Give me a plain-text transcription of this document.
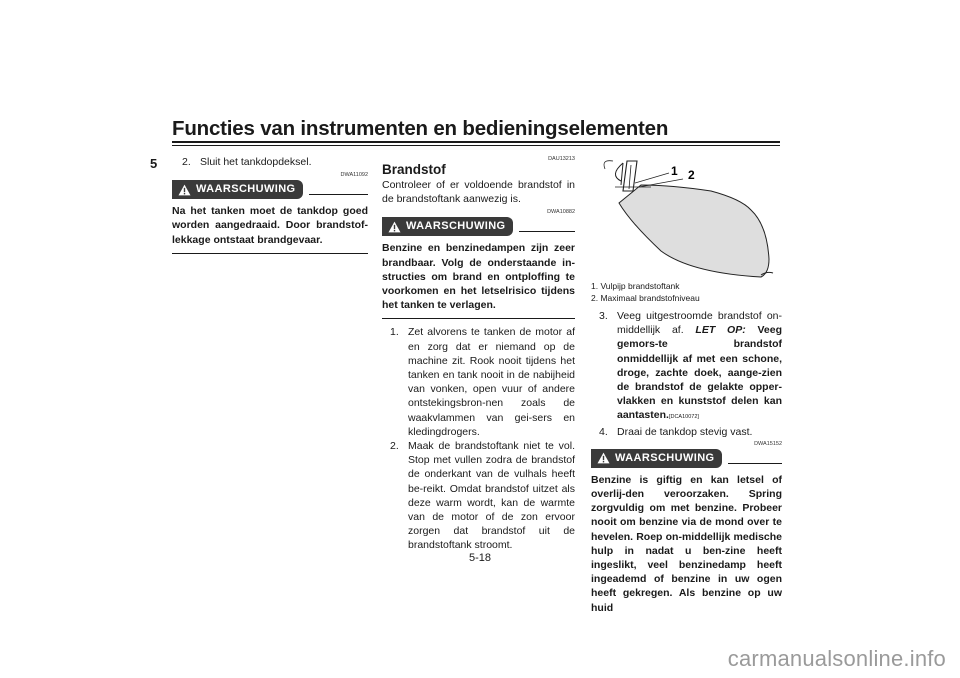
Functies van instrumenten en bedieningselementen
5 2. Sluit het tankdopdeksel.
DWA11092
WAARSCHUWING
Na het tanken moet de tankdop goed worden aangedraaid. Door brandstof-lekkage ontstaat brandgevaar.
DAU13213
Brandstof
Controleer of er voldoende brandstof in de brandstoftank aanwezig is.
DWA10882
WAARSCHUWING
Benzine en benzinedampen zijn zeer brandbaar. Volg de onderstaande in-structies om brand en ontploffing te voorkomen en het letselrisico tijdens het tanken te verlagen.
1. Zet alvorens te tanken de motor af en zorg dat er niemand op de machine zit. Rook nooit tijdens het tanken en tank nooit in de nabijheid van vonken, open vuur of andere ontstekingsbron-nen zoals de waakvlammen van gei-sers en kledingdrogers.
2. Maak de brandstoftank niet te vol. Stop met vullen zodra de brandstof de onderkant van de vulhals heeft be-reikt. Omdat brandstof uitzet als deze warm wordt, kan de warmte van de motor of de zon ervoor zorgen dat brandstof uit de brandstoftank stroomt.
1 2
1. Vulpijp brandstoftank
2. Maximaal brandstofniveau
3. Veeg uitgestroomde brandstof on-middellijk af. LET OP: Veeg gemors-te brandstof onmiddellijk af met een schone, droge, zachte doek, aange-zien de brandstof de gelakte opper-vlakken en kunststof delen kan aantasten.[DCA10072]
4. Draai de tankdop stevig vast.
DWA15152
WAARSCHUWING
Benzine is giftig en kan letsel of overlij-den veroorzaken. Spring zorgvuldig om met benzine. Probeer nooit om benzine via de mond over te hevelen. Roep on-middellijk medische hulp in nadat u ben-zine heeft ingeslikt, veel benzinedamp heeft ingeademd of benzine in uw ogen heeft gekregen. Als benzine op uw huid
5-18
carmanualsonline.info
